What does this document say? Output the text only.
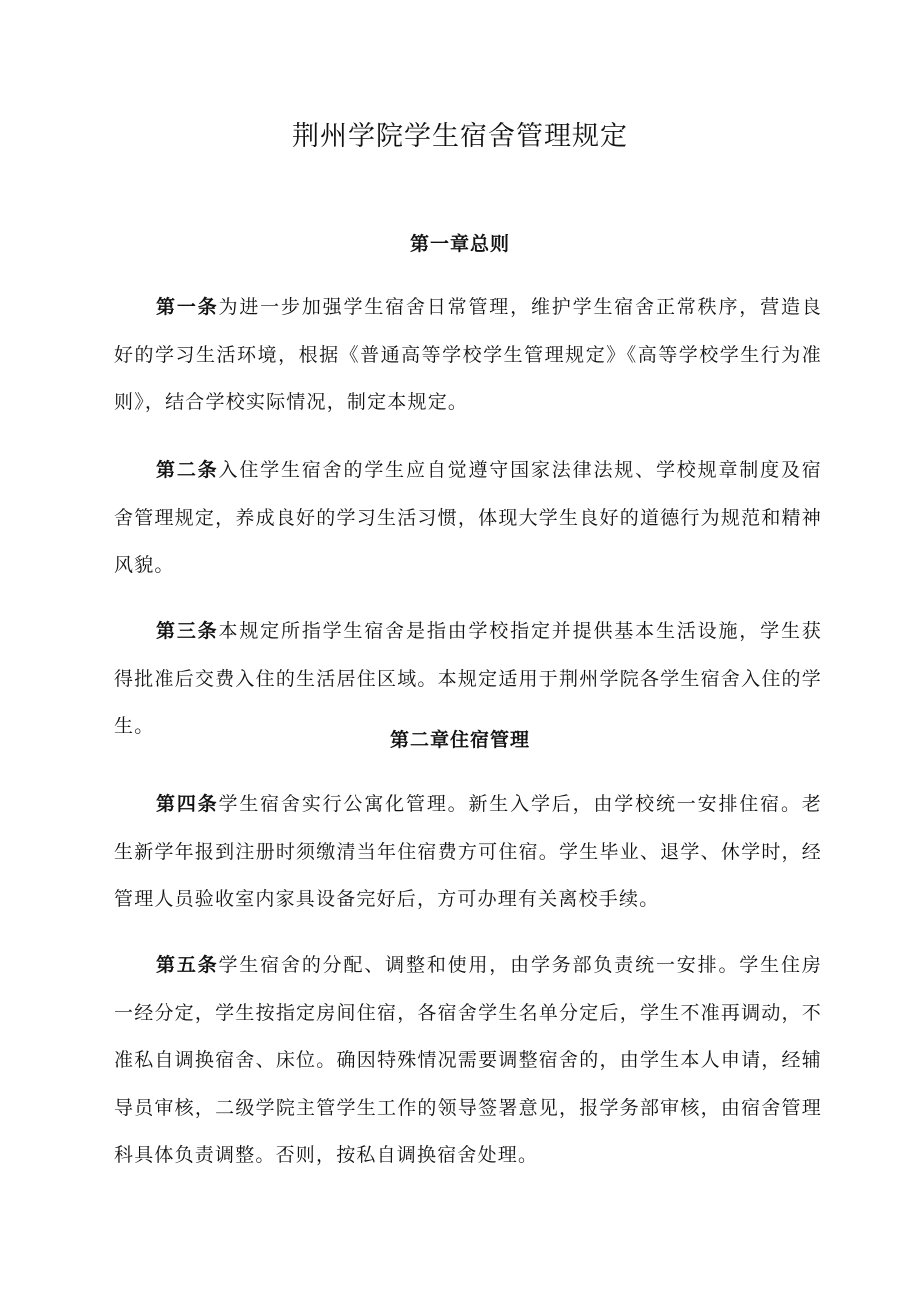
荆州学院学生宿舍管理规定
第一章总则

第一条为进一步加强学生宿舍日常管理，维护学生宿舍正常秩序，营造良好的学习生活环境，根据《普通高等学校学生管理规定》《高等学校学生行为准则》，结合学校实际情况，制定本规定。

第二条入住学生宿舍的学生应自觉遵守国家法律法规、学校规章制度及宿舍管理规定，养成良好的学习生活习惯，体现大学生良好的道德行为规范和精神风貌。

第三条本规定所指学生宿舍是指由学校指定并提供基本生活设施，学生获得批准后交费入住的生活居住区域。本规定适用于荆州学院各学生宿舍入住的学生。

第二章住宿管理

第四条学生宿舍实行公寓化管理。新生入学后，由学校统一安排住宿。老生新学年报到注册时须缴清当年住宿费方可住宿。学生毕业、退学、休学时，经管理人员验收室内家具设备完好后，方可办理有关离校手续。

第五条学生宿舍的分配、调整和使用，由学务部负责统一安排。学生住房一经分定，学生按指定房间住宿，各宿舍学生名单分定后，学生不准再调动，不准私自调换宿舍、床位。确因特殊情况需要调整宿舍的，由学生本人申请，经辅导员审核，二级学院主管学生工作的领导签署意见，报学务部审核，由宿舍管理科具体负责调整。否则，按私自调换宿舍处理。
